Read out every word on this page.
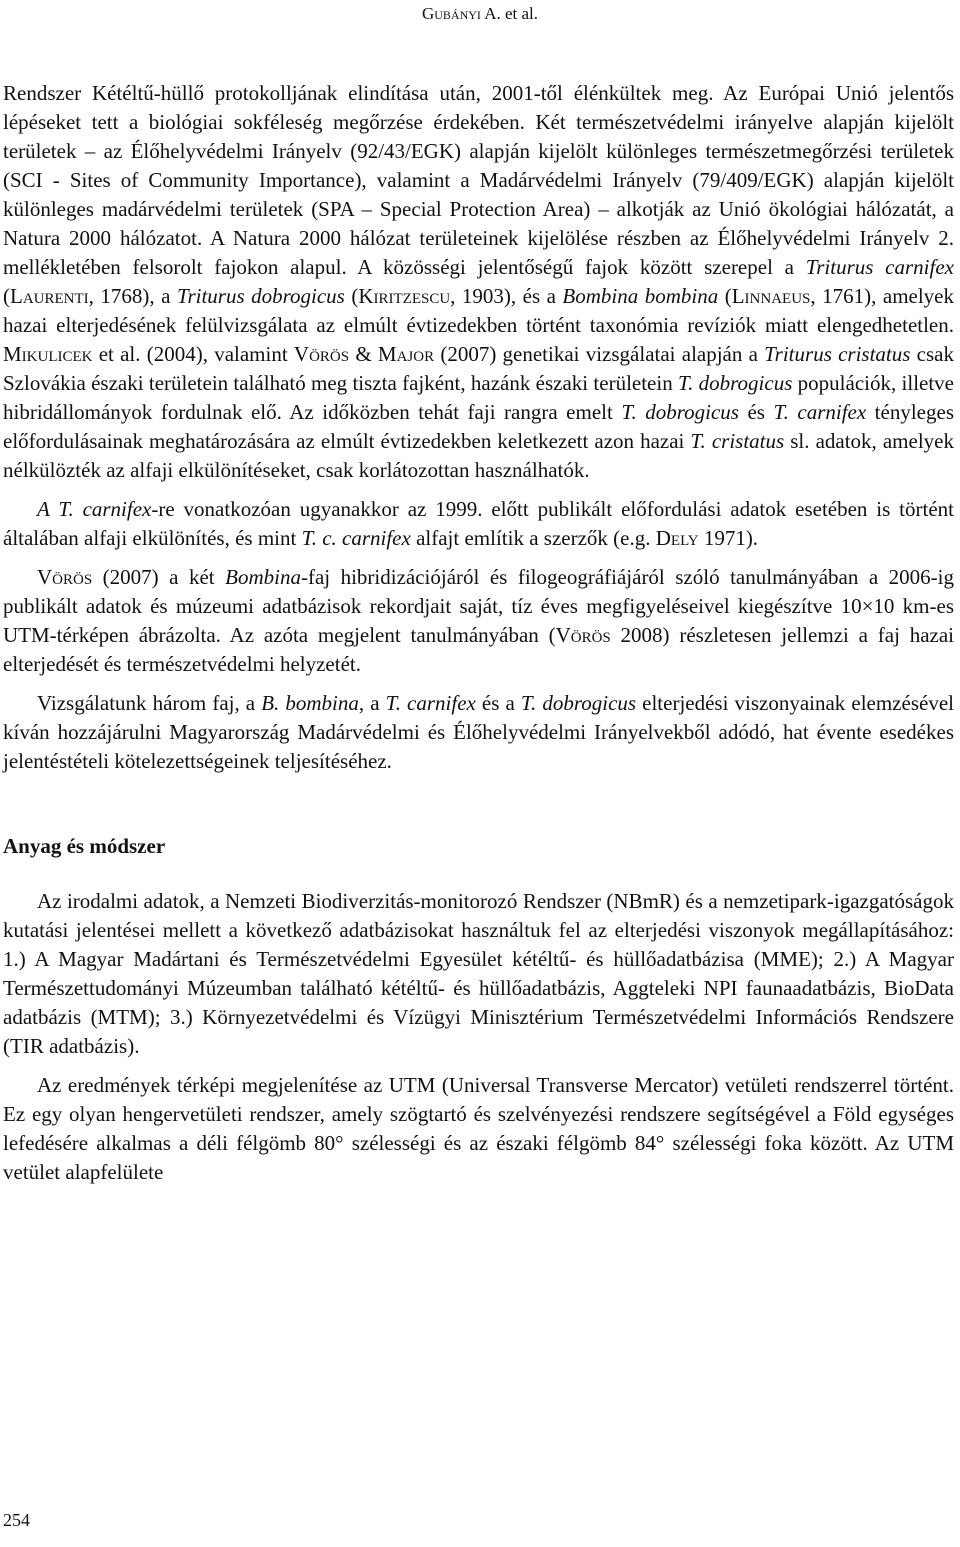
Gubányi A. et al.

Rendszer Kétéltű-hüllő protokolljának elindítása után, 2001-től élénkültek meg. Az Európai Unió jelentős lépéseket tett a biológiai sokféleség megőrzése érdekében. Két természetvédelmi irányelve alapján kijelölt területek – az Élőhelyvédelmi Irányelv (92/43/EGK) alapján kijelölt különleges természetmegőrzési területek (SCI - Sites of Community Importance), valamint a Madárvédelmi Irányelv (79/409/EGK) alapján kijelölt különleges madárvédelmi területek (SPA – Special Protection Area) – alkotják az Unió ökológiai hálózatát, a Natura 2000 hálózatot. A Natura 2000 hálózat területeinek kijelölése részben az Élőhelyvédelmi Irányelv 2. mellékletében felsorolt fajokon alapul. A közösségi jelentőségű fajok között szerepel a Triturus carnifex (Laurenti, 1768), a Triturus dobrogicus (Kiritzescu, 1903), és a Bombina bombina (Linnaeus, 1761), amelyek hazai elterjedésének felülvizsgálata az elmúlt évtizedekben történt taxonómia revíziók miatt elengedhetetlen. Mikulicek et al. (2004), valamint Vörös & Major (2007) genetikai vizsgálatai alapján a Triturus cristatus csak Szlovákia északi területein található meg tiszta fajként, hazánk északi területein T. dobrogicus populációk, illetve hibridállományok fordulnak elő. Az időközben tehát faji rangra emelt T. dobrogicus és T. carnifex tényleges előfordulásainak meghatározására az elmúlt évtizedekben keletkezett azon hazai T. cristatus sl. adatok, amelyek nélkülözték az alfaji elkülönítéseket, csak korlátozottan használhatók.

A T. carnifex-re vonatkozóan ugyanakkor az 1999. előtt publikált előfordulási adatok esetében is történt általában alfaji elkülönítés, és mint T. c. carnifex alfajt említik a szerzők (e.g. Dely 1971).

Vörös (2007) a két Bombina-faj hibridizációjáról és filogeográfiájáról szóló tanulmányában a 2006-ig publikált adatok és múzeumi adatbázisok rekordjait saját, tíz éves megfigyeléseivel kiegészítve 10×10 km-es UTM-térképen ábrázolta. Az azóta megjelent tanulmányában (Vörös 2008) részletesen jellemzi a faj hazai elterjedését és természetvédelmi helyzetét.

Vizsgálatunk három faj, a B. bombina, a T. carnifex és a T. dobrogicus elterjedési viszonyainak elemzésével kíván hozzájárulni Magyarország Madárvédelmi és Élőhelyvédelmi Irányelvekből adódó, hat évente esedékes jelentéstételi kötelezettségeinek teljesítéséhez.

Anyag és módszer

Az irodalmi adatok, a Nemzeti Biodiverzitás-monitorozó Rendszer (NBmR) és a nemzetipark-igazgatóságok kutatási jelentései mellett a következő adatbázisokat használtuk fel az elterjedési viszonyok megállapításához: 1.) A Magyar Madártani és Természetvédelmi Egyesület kétéltű- és hüllőadatbázisa (MME); 2.) A Magyar Természettudományi Múzeumban található kétéltű- és hüllőadatbázis, Aggteleki NPI faunaadatbázis, BioData adatbázis (MTM); 3.) Környezetvédelmi és Vízügyi Minisztérium Természetvédelmi Információs Rendszere (TIR adatbázis).

Az eredmények térképi megjelenítése az UTM (Universal Transverse Mercator) vetületi rendszerrel történt. Ez egy olyan hengervetületi rendszer, amely szögtartó és szelvényezési rendszere segítségével a Föld egységes lefedésére alkalmas a déli félgömb 80° szélességi és az északi félgömb 84° szélességi foka között. Az UTM vetület alapfelülete

254
